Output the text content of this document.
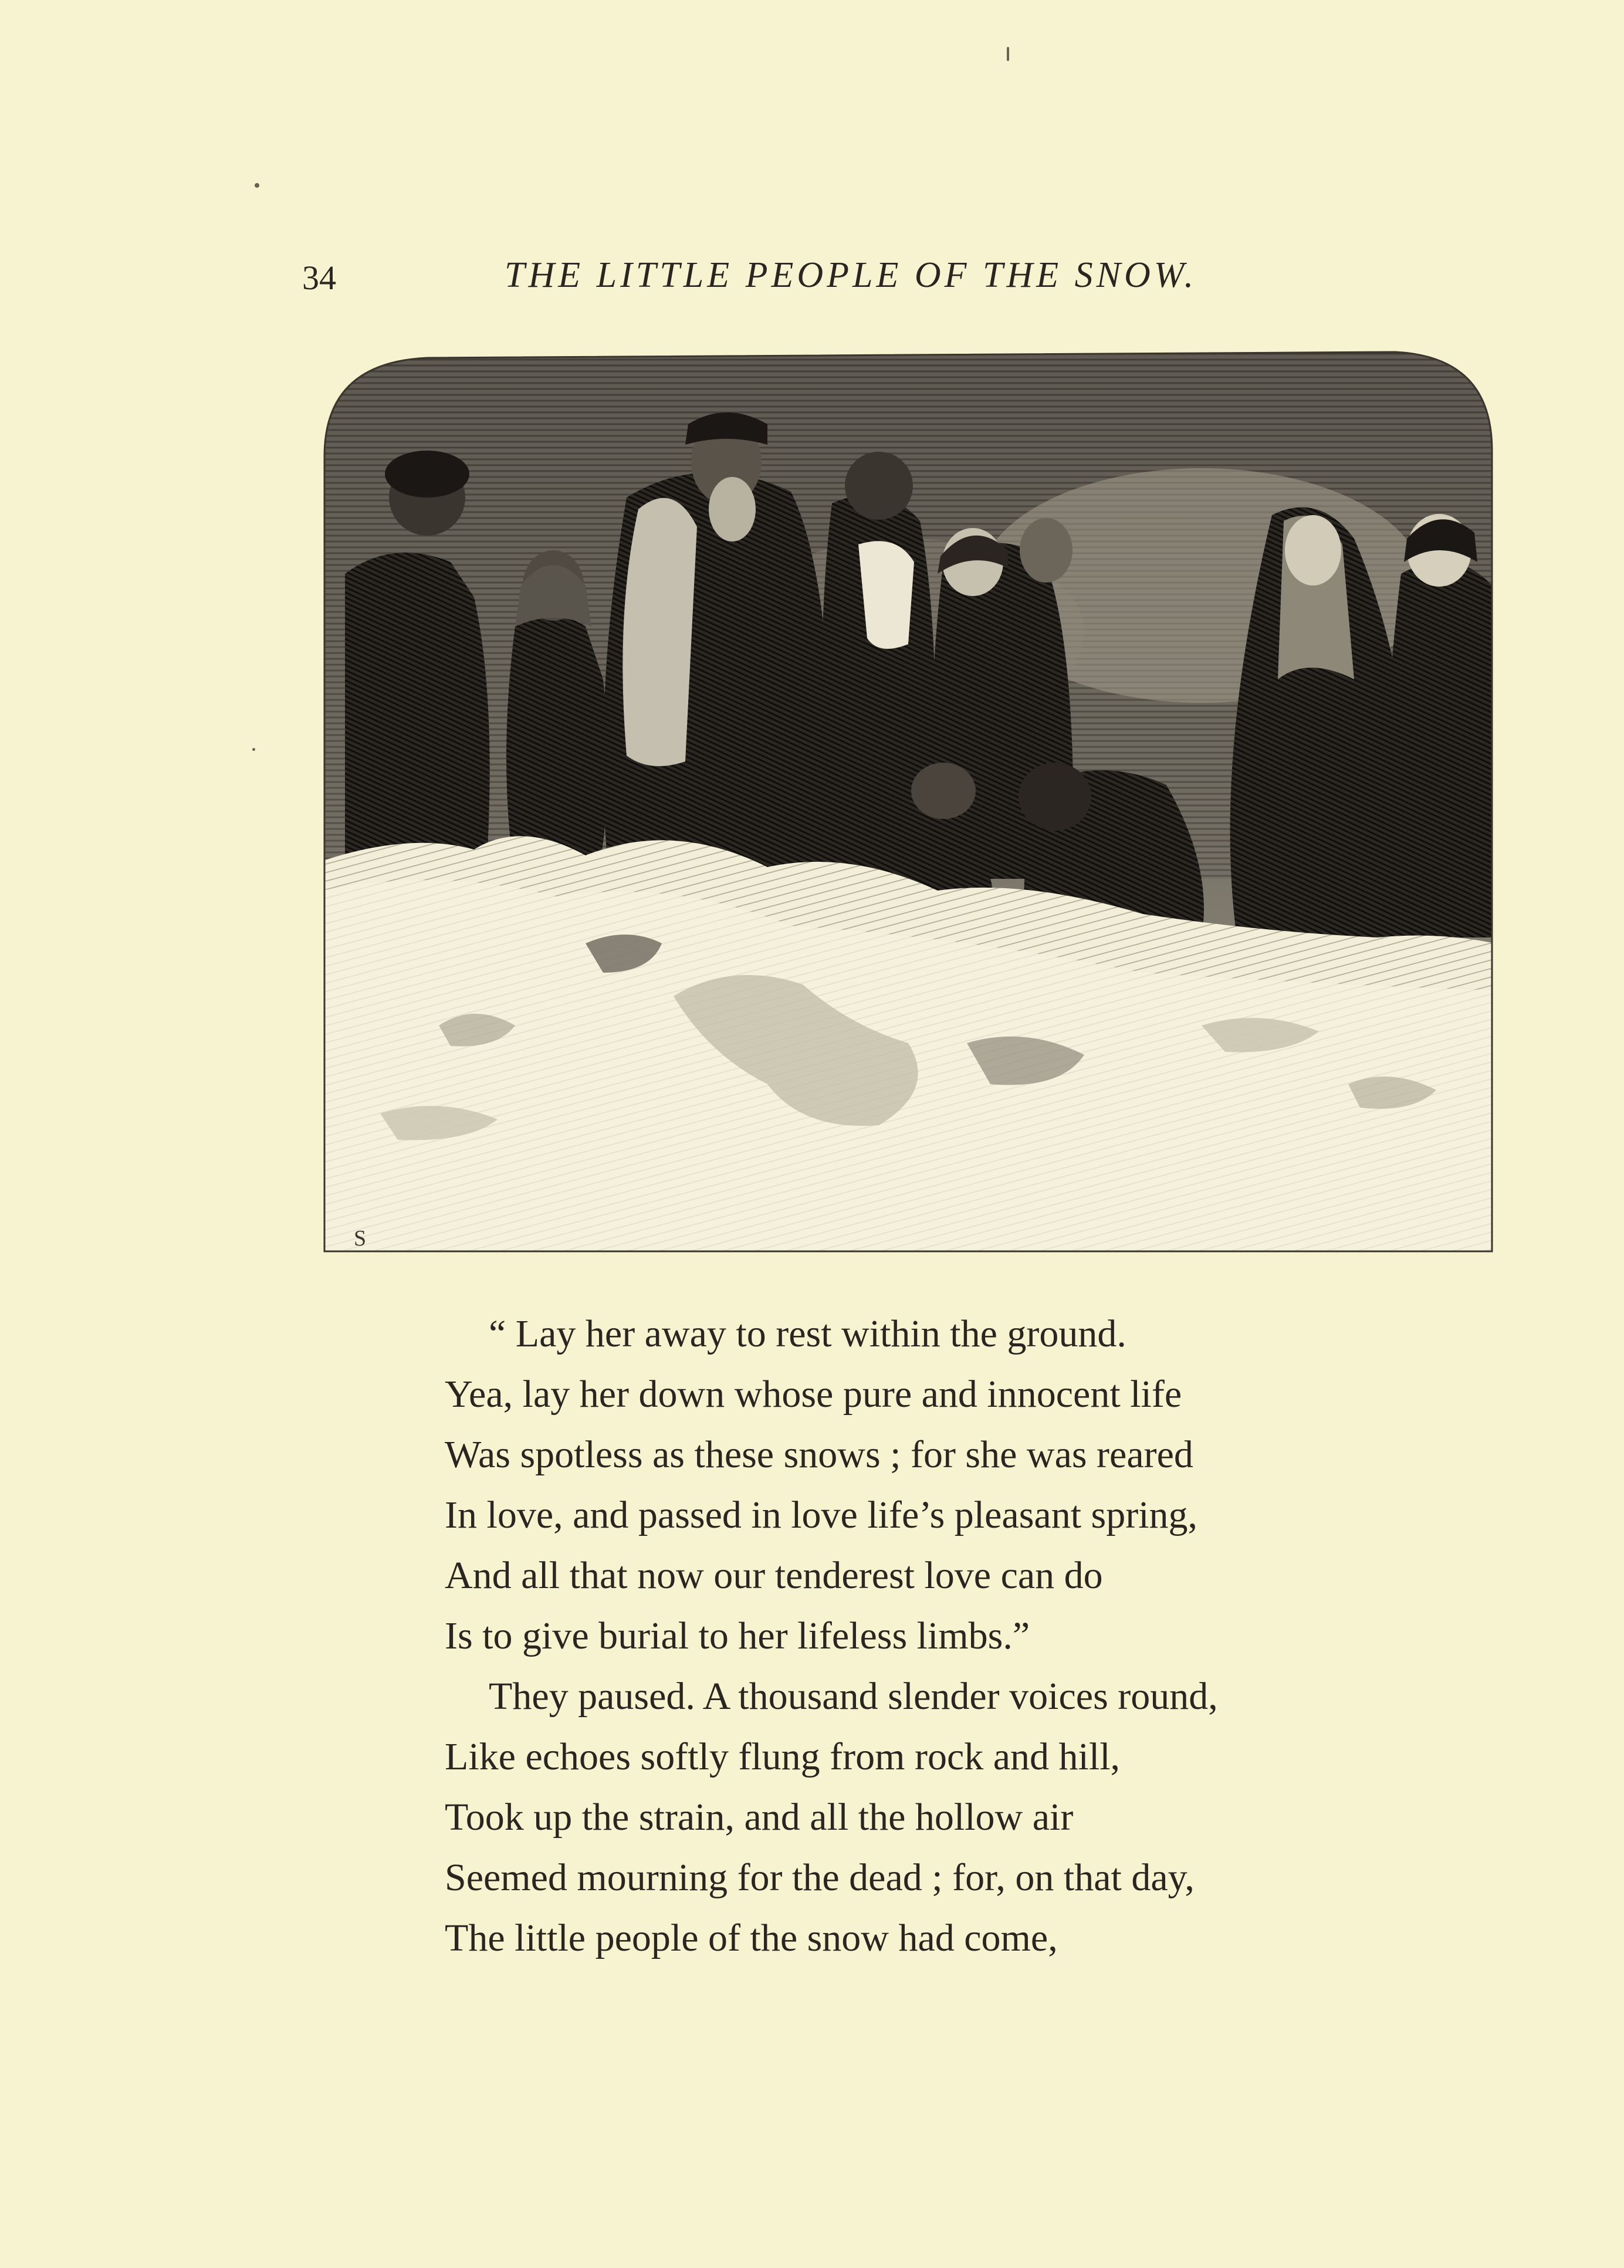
34	THE LITTLE PEOPLE OF THE SNOW.
S
“ Lay her away to rest within the ground.
Yea, lay her down whose pure and innocent life
Was spotless as these snows ; for she was reared
In love, and passed in love life’s pleasant spring,
And all that now our tenderest love can do
Is to give burial to her lifeless limbs.”
They paused. A thousand slender voices round,
Like echoes softly flung from rock and hill,
Took up the strain, and all the hollow air
Seemed mourning for the dead ; for, on that day,
The little people of the snow had come,
